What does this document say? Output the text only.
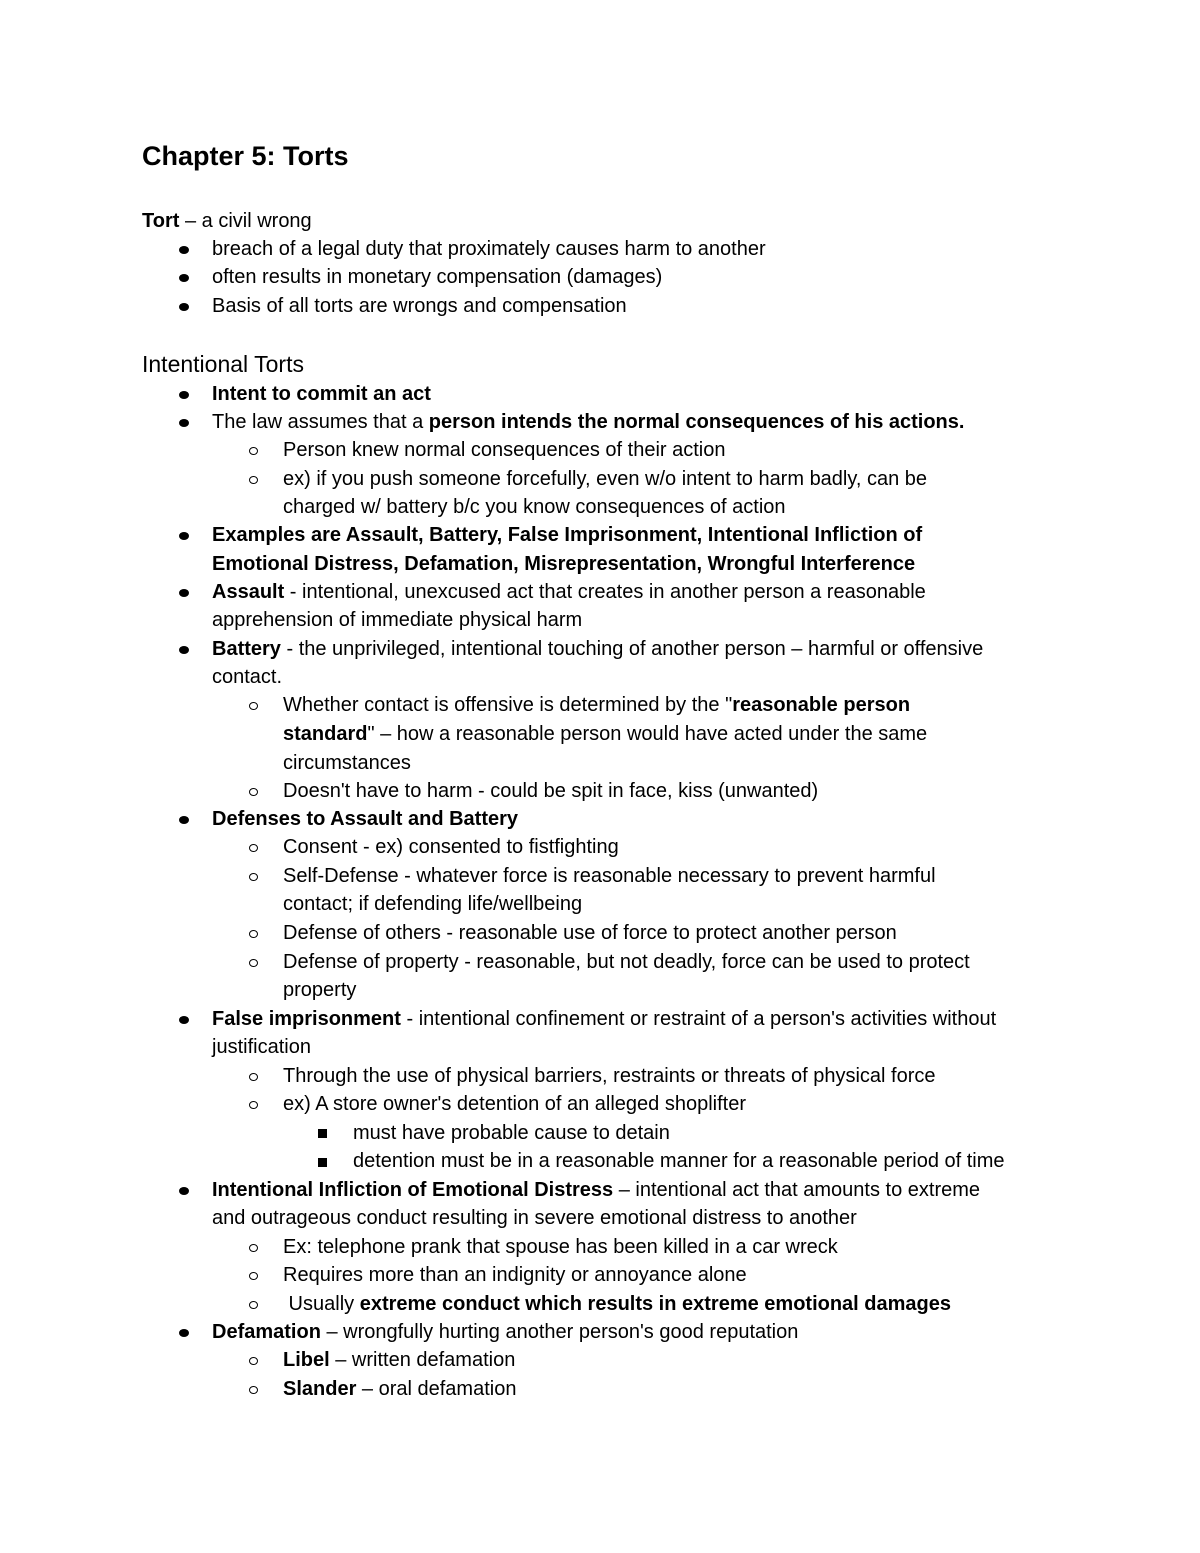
Chapter 5: Torts
Tort – a civil wrong
breach of a legal duty that proximately causes harm to another
often results in monetary compensation (damages)
Basis of all torts are wrongs and compensation
Intentional Torts
Intent to commit an act
The law assumes that a person intends the normal consequences of his actions.
Person knew normal consequences of their action
ex) if you push someone forcefully, even w/o intent to harm badly, can be
charged w/ battery b/c you know consequences of action
Examples are Assault, Battery, False Imprisonment, Intentional Infliction of
Emotional Distress, Defamation, Misrepresentation, Wrongful Interference
Assault - intentional, unexcused act that creates in another person a reasonable
apprehension of immediate physical harm
Battery - the unprivileged, intentional touching of another person – harmful or offensive
contact.
Whether contact is offensive is determined by the "reasonable person
standard" – how a reasonable person would have acted under the same
circumstances
Doesn't have to harm - could be spit in face, kiss (unwanted)
Defenses to Assault and Battery
Consent - ex) consented to fistfighting
Self-Defense - whatever force is reasonable necessary to prevent harmful
contact; if defending life/wellbeing
Defense of others - reasonable use of force to protect another person
Defense of property - reasonable, but not deadly, force can be used to protect
property
False imprisonment - intentional confinement or restraint of a person's activities without
justification
Through the use of physical barriers, restraints or threats of physical force
ex) A store owner's detention of an alleged shoplifter
must have probable cause to detain
detention must be in a reasonable manner for a reasonable period of time
Intentional Infliction of Emotional Distress – intentional act that amounts to extreme
and outrageous conduct resulting in severe emotional distress to another
Ex: telephone prank that spouse has been killed in a car wreck
Requires more than an indignity or annoyance alone
Usually extreme conduct which results in extreme emotional damages
Defamation – wrongfully hurting another person's good reputation
Libel – written defamation
Slander – oral defamation
